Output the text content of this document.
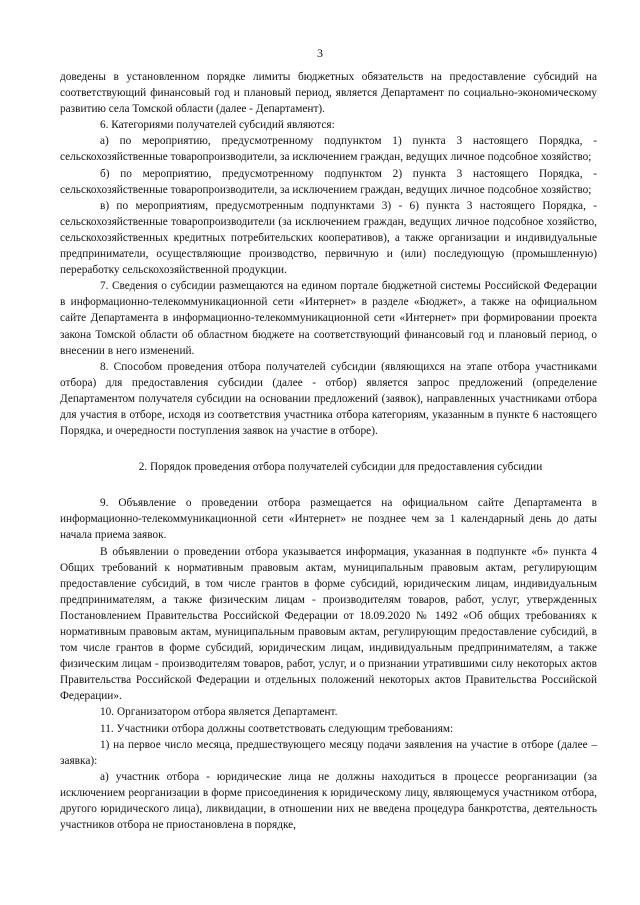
3

доведены в установленном порядке лимиты бюджетных обязательств на предоставление субсидий на соответствующий финансовый год и плановый период, является Департамент по социально-экономическому развитию села Томской области (далее - Департамент).

6. Категориями получателей субсидий являются:

а) по мероприятию, предусмотренному подпунктом 1) пункта 3 настоящего Порядка, - сельскохозяйственные товаропроизводители, за исключением граждан, ведущих личное подсобное хозяйство;

б) по мероприятию, предусмотренному подпунктом 2) пункта 3 настоящего Порядка, - сельскохозяйственные товаропроизводители, за исключением граждан, ведущих личное подсобное хозяйство;

в) по мероприятиям, предусмотренным подпунктами 3) - 6) пункта 3 настоящего Порядка, - сельскохозяйственные товаропроизводители (за исключением граждан, ведущих личное подсобное хозяйство, сельскохозяйственных кредитных потребительских кооперативов), а также организации и индивидуальные предприниматели, осуществляющие производство, первичную и (или) последующую (промышленную) переработку сельскохозяйственной продукции.

7. Сведения о субсидии размещаются на едином портале бюджетной системы Российской Федерации в информационно-телекоммуникационной сети «Интернет» в разделе «Бюджет», а также на официальном сайте Департамента в информационно-телекоммуникационной сети «Интернет» при формировании проекта закона Томской области об областном бюджете на соответствующий финансовый год и плановый период, о внесении в него изменений.

8. Способом проведения отбора получателей субсидии (являющихся на этапе отбора участниками отбора) для предоставления субсидии (далее - отбор) является запрос предложений (определение Департаментом получателя субсидии на основании предложений (заявок), направленных участниками отбора для участия в отборе, исходя из соответствия участника отбора категориям, указанным в пункте 6 настоящего Порядка, и очередности поступления заявок на участие в отборе).

2. Порядок проведения отбора получателей субсидии для предоставления субсидии

9. Объявление о проведении отбора размещается на официальном сайте Департамента в информационно-телекоммуникационной сети «Интернет» не позднее чем за 1 календарный день до даты начала приема заявок.

В объявлении о проведении отбора указывается информация, указанная в подпункте «б» пункта 4 Общих требований к нормативным правовым актам, муниципальным правовым актам, регулирующим предоставление субсидий, в том числе грантов в форме субсидий, юридическим лицам, индивидуальным предпринимателям, а также физическим лицам - производителям товаров, работ, услуг, утвержденных Постановлением Правительства Российской Федерации от 18.09.2020 № 1492 «Об общих требованиях к нормативным правовым актам, муниципальным правовым актам, регулирующим предоставление субсидий, в том числе грантов в форме субсидий, юридическим лицам, индивидуальным предпринимателям, а также физическим лицам - производителям товаров, работ, услуг, и о признании утратившими силу некоторых актов Правительства Российской Федерации и отдельных положений некоторых актов Правительства Российской Федерации».

10. Организатором отбора является Департамент.

11. Участники отбора должны соответствовать следующим требованиям:

1) на первое число месяца, предшествующего месяцу подачи заявления на участие в отборе (далее – заявка):

а) участник отбора - юридические лица не должны находиться в процессе реорганизации (за исключением реорганизации в форме присоединения к юридическому лицу, являющемуся участником отбора, другого юридического лица), ликвидации, в отношении них не введена процедура банкротства, деятельность участников отбора не приостановлена в порядке,
